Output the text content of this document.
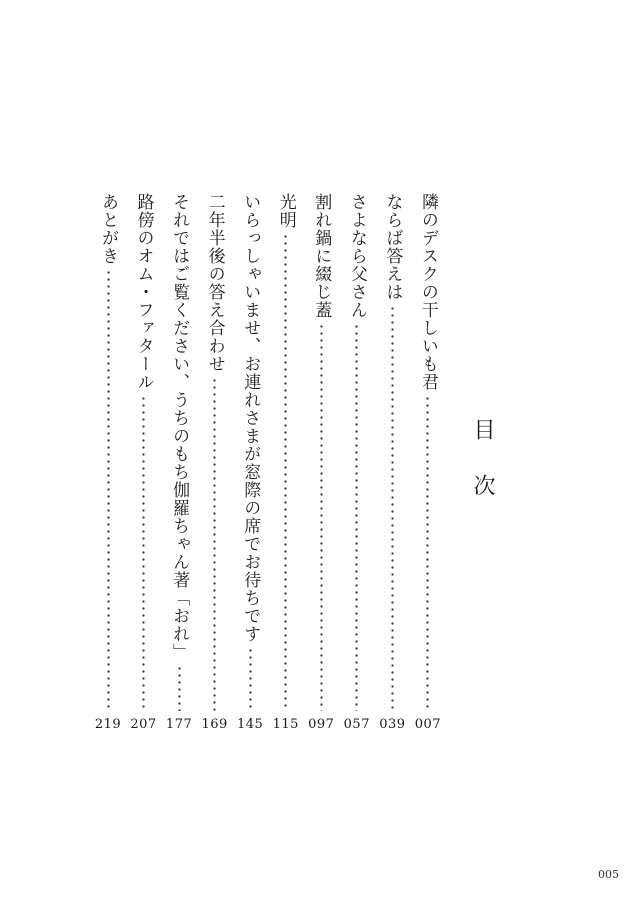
目次
隣のデスクの干しいも君
007
ならば答えは
039
さよなら父さん
057
割れ鍋に綴じ蓋
097
光明
115
いらっしゃいませ、お連れさまが窓際の席でお待ちです
145
二年半後の答え合わせ
169
それではご覧ください、うちのもち伽羅ちゃん著「おれ」
177
路傍のオム・ファタール
207
あとがき
219
005
